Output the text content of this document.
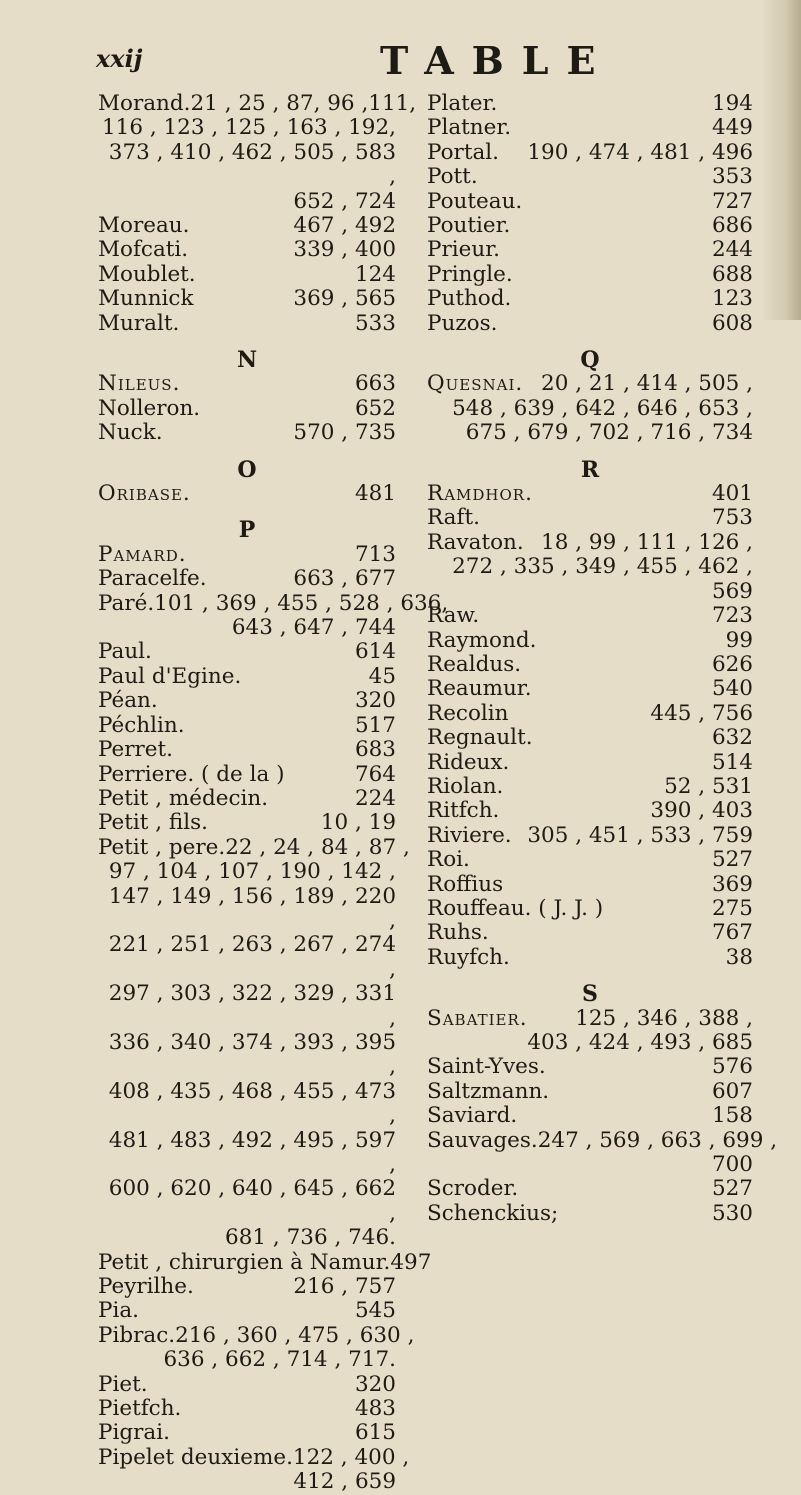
xxij	TABLE
Morand. 21 , 25 , 87, 96 ,111,
116 , 123 , 125 , 163 , 192,
373 , 410 , 462 , 505 , 583 ,
652 , 724
Moreau.	467 , 492
Mofcati.	339 , 400
Moublet.	124
Munnick	369 , 565
Muralt.	533
N
Nileus.	663
Nolleron.	652
Nuck.	570 , 735
O
Oribase.	481
P
Pamard.	713
Paracelfe.	663 , 677
Paré. 101 , 369 , 455 , 528 , 636,
643 , 647 , 744
Paul.	614
Paul d'Egine.	45
Péan.	320
Péchlin.	517
Perret.	683
Perriere. ( de la )	764
Petit , médecin.	224
Petit , fils.	10 , 19
Petit , pere. 22 , 24 , 84 , 87 ,
97 , 104 , 107 , 190 , 142 ,
147 , 149 , 156 , 189 , 220 ,
221 , 251 , 263 , 267 , 274 ,
297 , 303 , 322 , 329 , 331 ,
336 , 340 , 374 , 393 , 395 ,
408 , 435 , 468 , 455 , 473 ,
481 , 483 , 492 , 495 , 597 ,
600 , 620 , 640 , 645 , 662 ,
681 , 736 , 746.
Petit , chirurgien à Namur. 497
Peyrilhe.	216 , 757
Pia.	545
Pibrac. 216 , 360 , 475 , 630 ,
636 , 662 , 714 , 717.
Piet.	320
Pietfch.	483
Pigrai.	615
Pipelet deuxieme. 122 , 400 ,
412 , 659
Plater.	194
Platner.	449
Portal. 190 , 474 , 481 , 496
Pott.	353
Pouteau.	727
Poutier.	686
Prieur.	244
Pringle.	688
Puthod.	123
Puzos.	608
Q
Quesnai. 20 , 21 , 414 , 505 ,
548 , 639 , 642 , 646 , 653 ,
675 , 679 , 702 , 716 , 734
R
Ramdhor.	401
Raft.	753
Ravaton. 18 , 99 , 111 , 126 ,
272 , 335 , 349 , 455 , 462 ,
569
Raw.	723
Raymond.	99
Realdus.	626
Reaumur.	540
Recolin	445 , 756
Regnault.	632
Rideux.	514
Riolan.	52 , 531
Ritfch.	390 , 403
Riviere. 305 , 451 , 533 , 759
Roi.	527
Roffius	369
Rouffeau. ( J. J. )	275
Ruhs.	767
Ruyfch.	38
S
Sabatier. 125 , 346 , 388 ,
403 , 424 , 493 , 685
Saint-Yves.	576
Saltzmann.	607
Saviard.	158
Sauvages. 247 , 569 , 663 , 699 ,
700
Scroder.	527
Schenckius;	530
